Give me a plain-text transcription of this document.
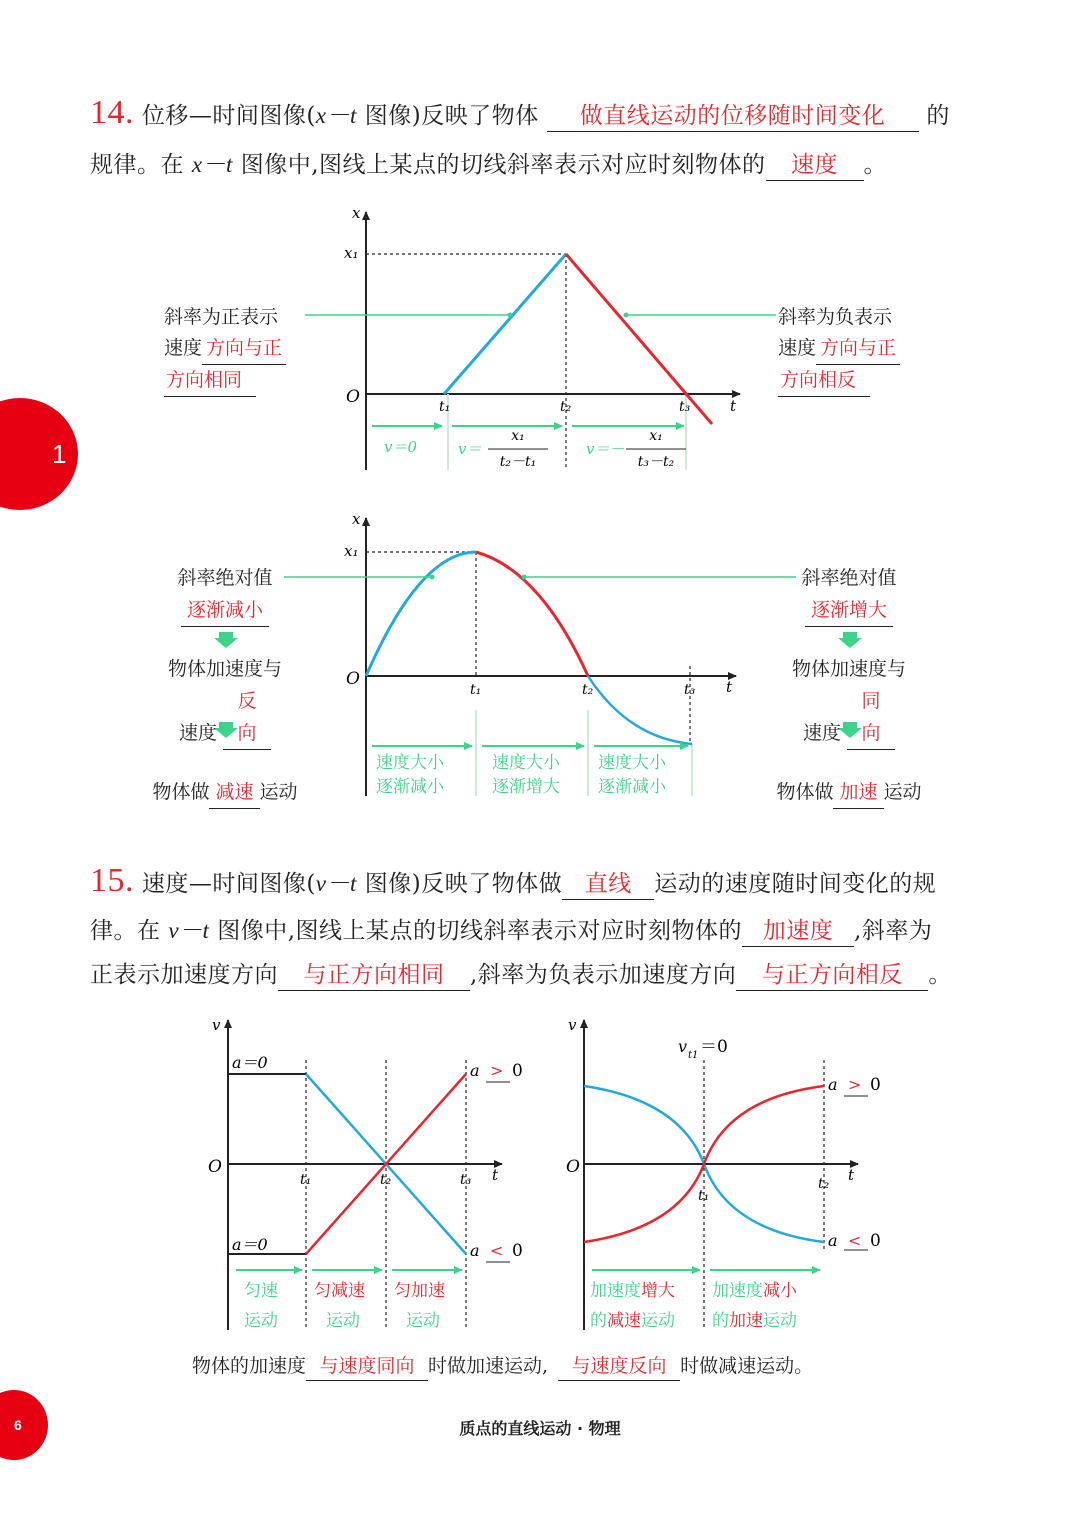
14. 位移—时间图像(x－t 图像)反映了物体 做直线运动的位移随时间变化 的
规律。在 x－t 图像中,图线上某点的切线斜率表示对应时刻物体的 速度 。
x
x₁
O	t₁	t₂	t₃	t
v＝0	v＝
x₁
t₂－t₁
v＝－
x₁
t₃－t₂
x
x₁
O
t₁	t₂	t₃ t
速度大小
逐渐减小
速度大小
逐渐增大
速度大小
逐渐减小
v
O
t₁	t₂	t₃ t
a＝0
a＝0
a > 0
a < 0
匀速
运动
匀减速
运动
匀加速
运动
v
O
t₁
t₂ t
v t1 ＝0
a > 0
a < 0
加速度增大
的减速运动
加速度减小
的加速运动
斜率为正表示
速度 方向与正
方向相同
斜率为负表示
速度 方向与正
方向相反
斜率绝对值
逐渐减小
物体加速度与
速度 反向
物体做 减速 运动
斜率绝对值
逐渐增大
物体加速度与
速度 同向
物体做 加速 运动
15. 速度—时间图像(v－t 图像)反映了物体做 直线 运动的速度随时间变化的规
律。在 v－t 图像中,图线上某点的切线斜率表示对应时刻物体的 加速度 ,斜率为
正表示加速度方向 与正方向相同 ,斜率为负表示加速度方向 与正方向相反 。
物体的加速度 与速度同向 时做加速运动, 与速度反向 时做减速运动。
1
6	质点的直线运动 · 物理
